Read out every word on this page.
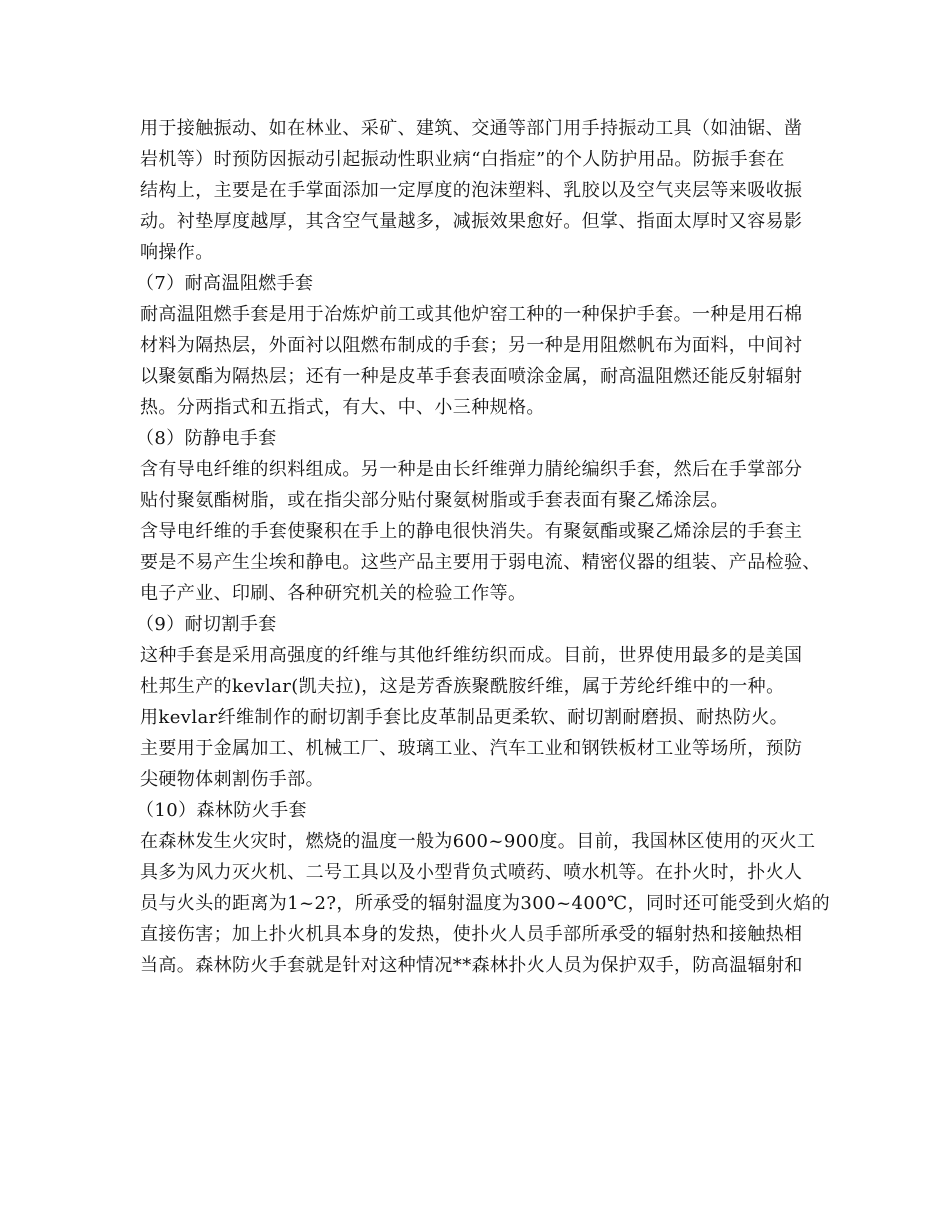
用于接触振动、如在林业、采矿、建筑、交通等部门用手持振动工具（如油锯、凿
岩机等）时预防因振动引起振动性职业病“白指症”的个人防护用品。防振手套在
结构上，主要是在手掌面添加一定厚度的泡沫塑料、乳胶以及空气夹层等来吸收振
动。衬垫厚度越厚，其含空气量越多，减振效果愈好。但掌、指面太厚时又容易影
响操作。
（7）耐高温阻燃手套
耐高温阻燃手套是用于冶炼炉前工或其他炉窑工种的一种保护手套。一种是用石棉
材料为隔热层，外面衬以阻燃布制成的手套；另一种是用阻燃帆布为面料，中间衬
以聚氨酯为隔热层；还有一种是皮革手套表面喷涂金属，耐高温阻燃还能反射辐射
热。分两指式和五指式，有大、中、小三种规格。
（8）防静电手套
含有导电纤维的织料组成。另一种是由长纤维弹力腈纶编织手套，然后在手掌部分
贴付聚氨酯树脂，或在指尖部分贴付聚氨树脂或手套表面有聚乙烯涂层。
含导电纤维的手套使聚积在手上的静电很快消失。有聚氨酯或聚乙烯涂层的手套主
要是不易产生尘埃和静电。这些产品主要用于弱电流、精密仪器的组装、产品检验、
电子产业、印刷、各种研究机关的检验工作等。
（9）耐切割手套
这种手套是采用高强度的纤维与其他纤维纺织而成。目前，世界使用最多的是美国
杜邦生产的kevlar(凯夫拉)，这是芳香族聚酰胺纤维，属于芳纶纤维中的一种。
用kevlar纤维制作的耐切割手套比皮革制品更柔软、耐切割耐磨损、耐热防火。
主要用于金属加工、机械工厂、玻璃工业、汽车工业和钢铁板材工业等场所，预防
尖硬物体刺割伤手部。
（10）森林防火手套
在森林发生火灾时，燃烧的温度一般为600~900度。目前，我国林区使用的灭火工
具多为风力灭火机、二号工具以及小型背负式喷药、喷水机等。在扑火时，扑火人
员与火头的距离为1~2?，所承受的辐射温度为300~400℃，同时还可能受到火焰的
直接伤害；加上扑火机具本身的发热，使扑火人员手部所承受的辐射热和接触热相
当高。森林防火手套就是针对这种情况**森林扑火人员为保护双手，防高温辐射和
